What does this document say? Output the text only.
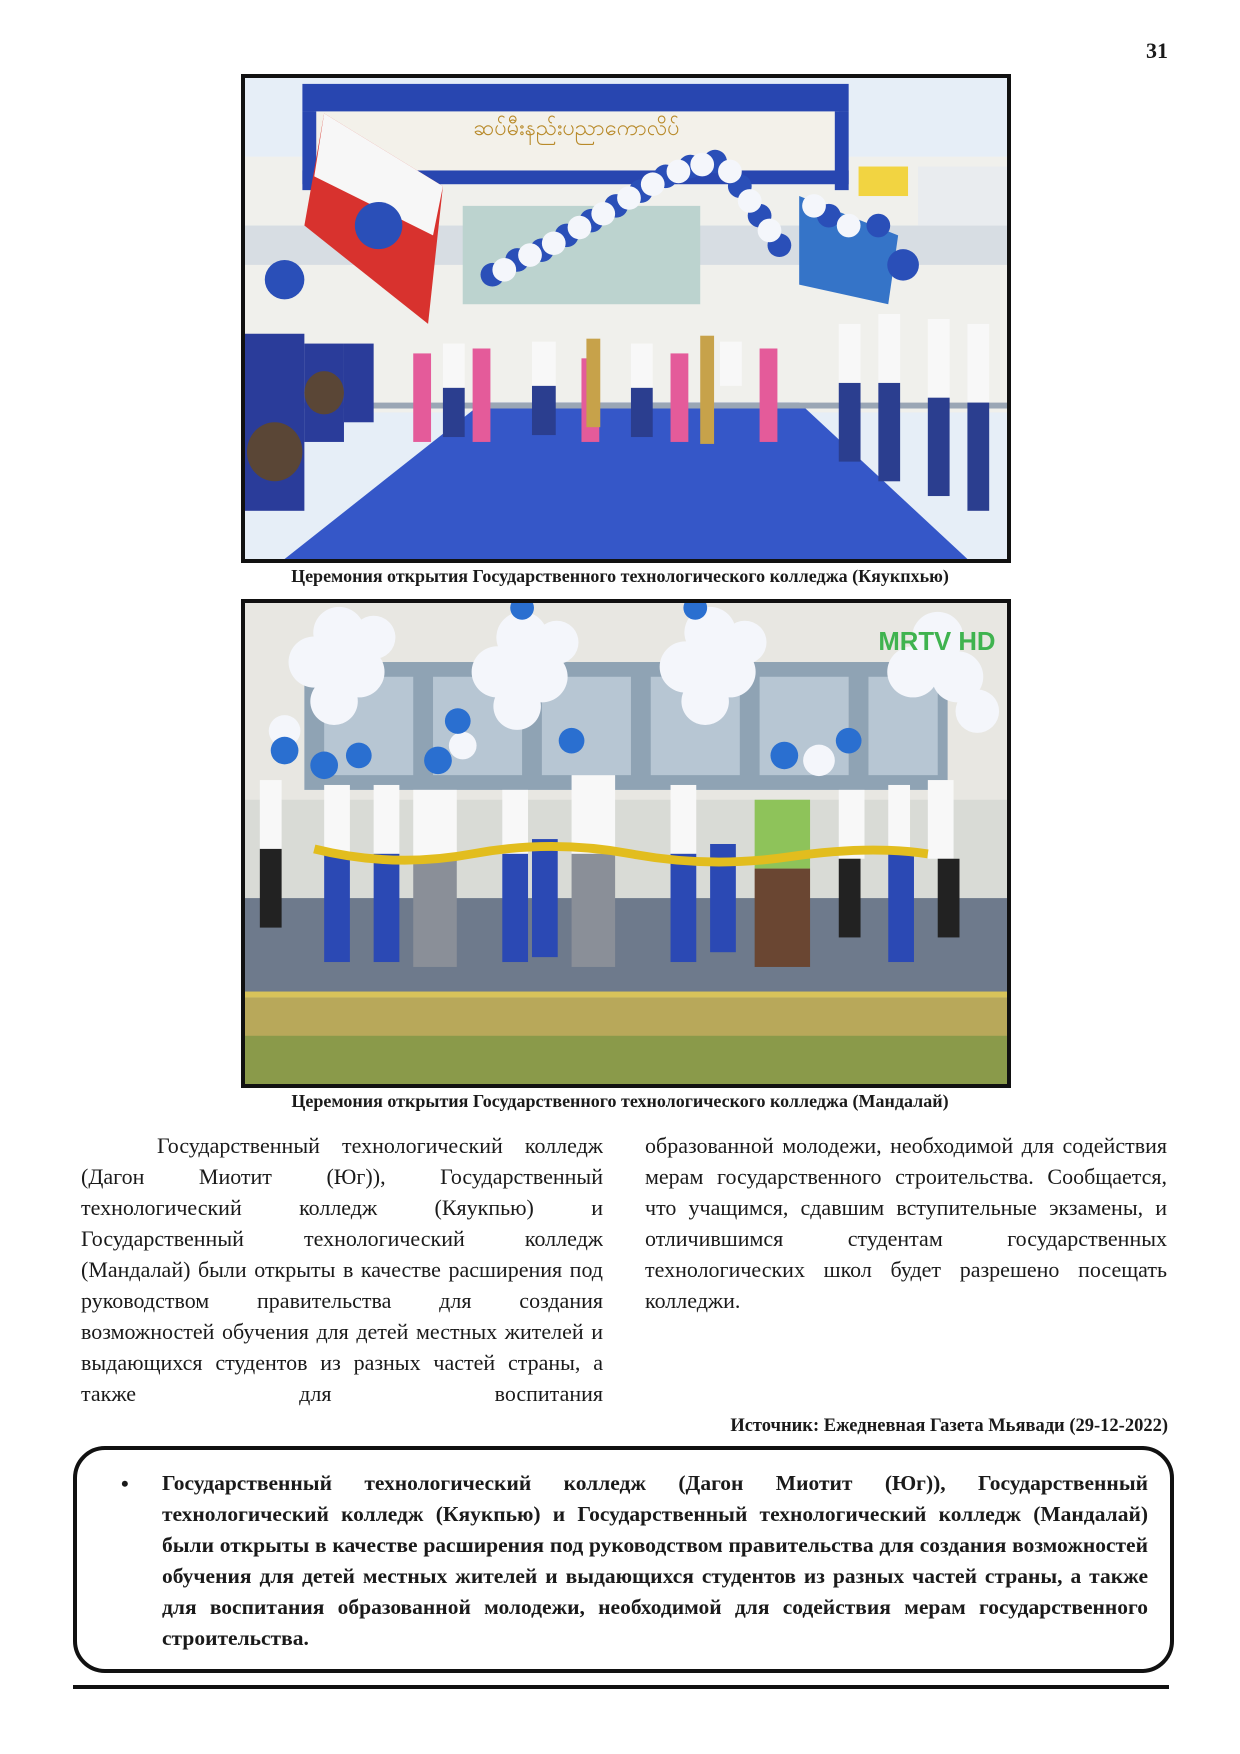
31
ဆပ်မီးနည်းပညာကောလိပ်
Церемония открытия Государственного технологического колледжа (Кяукпхью)
MRTV HD
Церемония открытия Государственного технологического колледжа (Мандалай)

Государственный технологический колледж (Дагон Миотит (Юг)), Государственный технологический колледж (Кяукпью) и Государственный технологический колледж (Мандалай) были открыты в качестве расширения под руководством правительства для создания возможностей обучения для детей местных жителей и выдающихся студентов из разных частей страны, а также для воспитания

образованной молодежи, необходимой для содействия мерам государственного строительства. Сообщается, что учащимся, сдавшим вступительные экзамены, и отличившимся студентам государственных технологических школ будет разрешено посещать колледжи.

Источник: Ежедневная Газета Мьявади (29-12-2022)
• Государственный технологический колледж (Дагон Миотит (Юг)), Государственный технологический колледж (Кяукпью) и Государственный технологический колледж (Мандалай) были открыты в качестве расширения под руководством правительства для создания возможностей обучения для детей местных жителей и выдающихся студентов из разных частей страны, а также для воспитания образованной молодежи, необходимой для содействия мерам государственного строительства.
